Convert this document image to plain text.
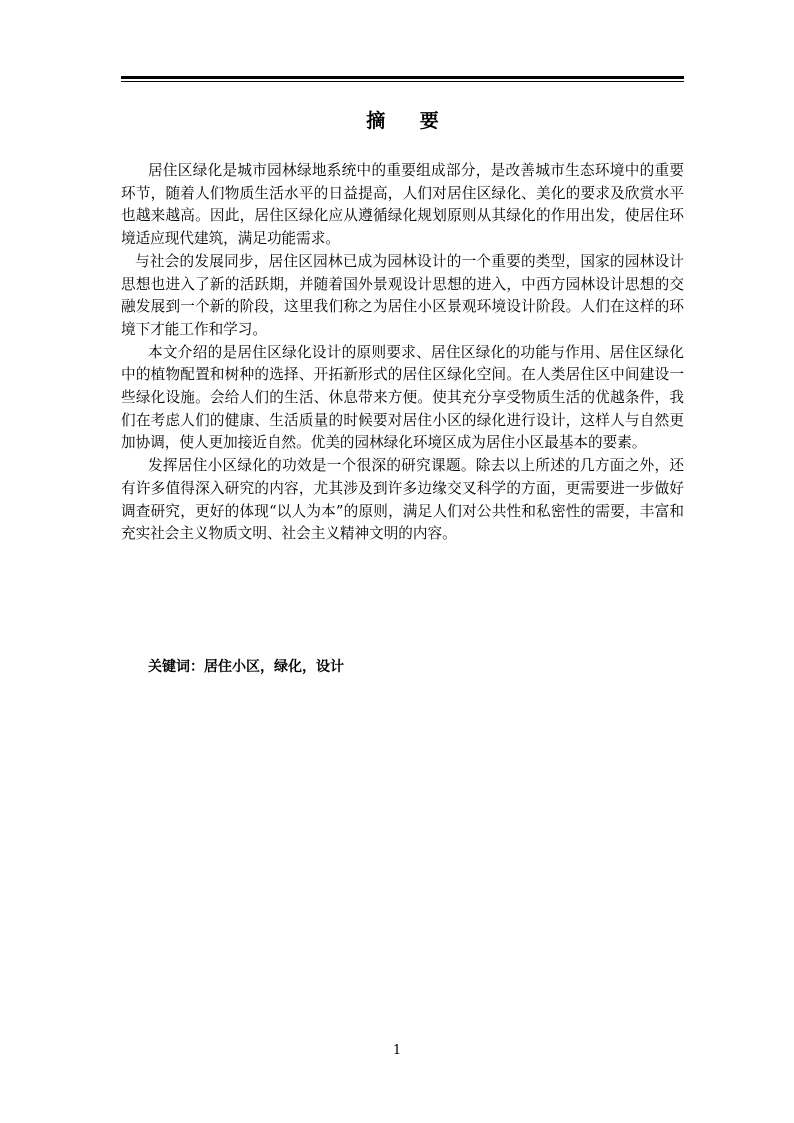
摘 要

居住区绿化是城市园林绿地系统中的重要组成部分，是改善城市生态环境中的重要环节，随着人们物质生活水平的日益提高，人们对居住区绿化、美化的要求及欣赏水平也越来越高。因此，居住区绿化应从遵循绿化规划原则从其绿化的作用出发，使居住环境适应现代建筑，满足功能需求。

与社会的发展同步，居住区园林已成为园林设计的一个重要的类型，国家的园林设计思想也进入了新的活跃期，并随着国外景观设计思想的进入，中西方园林设计思想的交融发展到一个新的阶段，这里我们称之为居住小区景观环境设计阶段。人们在这样的环境下才能工作和学习。

本文介绍的是居住区绿化设计的原则要求、居住区绿化的功能与作用、居住区绿化中的植物配置和树种的选择、开拓新形式的居住区绿化空间。在人类居住区中间建设一些绿化设施。会给人们的生活、休息带来方便。使其充分享受物质生活的优越条件，我们在考虑人们的健康、生活质量的时候要对居住小区的绿化进行设计，这样人与自然更加协调，使人更加接近自然。优美的园林绿化环境区成为居住小区最基本的要素。

发挥居住小区绿化的功效是一个很深的研究课题。除去以上所述的几方面之外，还有许多值得深入研究的内容，尤其涉及到许多边缘交叉科学的方面，更需要进一步做好调查研究，更好的体现“以人为本”的原则，满足人们对公共性和私密性的需要，丰富和充实社会主义物质文明、社会主义精神文明的内容。

关键词：居住小区，绿化，设计
1
